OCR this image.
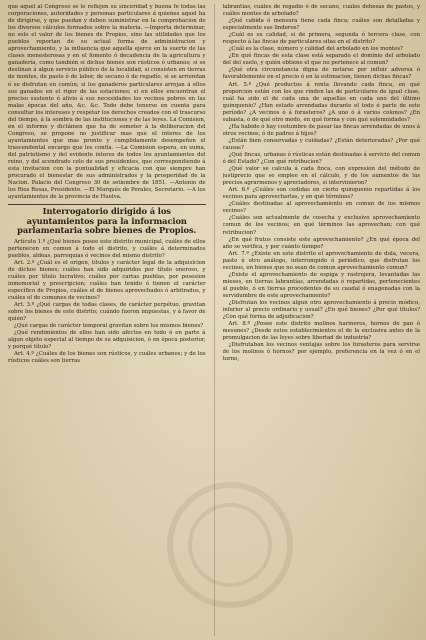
que aquel al Congreso se le reflejen su sinceridad y buena fe todas las corporaciones, autoridades y personas particulares á quienes aquel ha de dirigirse, y que puedan y deben suministrar en la comprobacion de los diversos cálculos formados sobre la materia. —Importa determinar, no solo el valor de los bienes de Propios, sino las utilidades que los pueblos reportan de su actual forma de administracion y aprovechamiento, y la influencia que aquella ejerce en la suerte de las clases menesterosas y en el fomento ó decadencia de la agricultura y ganadería, como también si dichos bienes son rústicos ó urbanos; si se destinan á algun servicio público de la localidad, si consisten en tierras de montes, de pasto ó de labor, de secano ó de regadío, si se arriendan ó se disfrutan en común; si los ganaderos particulares arrojan á ellos sus ganados en el rigor de las estaciones; si en ellos encuentran el preciso sustento ó alivio á sus necesidades los vecinos pobres en las malas épocas del año, &c. &c. Todo debe tenerse en cuenta para consultar los intereses y respetar los derechos creados con el trascurso del tiempo, á la sombra de las instituciones y de las leyes. La Comision, en el informe y dictámen que ha de someter á la deliberacion del Congreso, se propone no justificar mas que el interes de los ayuntamientos que mas pronto y cumplidamente desempeñen el trascendental encargo que les confía. —La Comision espera, en suma, del patriotismo y del evidente interes de todos los ayuntamientos del reino, y del acendrado celo de sus presidentes, que correspondiendo á esta invitacion con la puntualidad y eficacia con que siempre han procurado el bienestar de sus administrados y la prosperidad de la Nacion. Palacio del Congreso 30 de setiembre de 1851. —Antonio de los Rios Rosas, Presidente. —El Marqués de Perales, Secretario. —A los ayuntamientos de la provincia de Huelva.

Interrogatorio dirigido á los ayuntamientos para la informacion parlamentaria sobre bienes de Propios.

Artículo 1.º ¿Qué bienes posee este distrito municipal, cuáles de ellos pertenecen en comun á todo el distrito, y cuáles á determinados pueblos, aldeas, parroquias ó vecinos del mismo distrito?

Art. 2.º ¿Cuál es el origen, títulos y carácter legal de la adquisicion de dichos bienes; cuáles han sido adquiridos por título oneroso, y cuáles por título lucrativo; cuáles por cartas pueblas, por posesion inmemorial y prescripcion; cuáles han tenido ó tienen el carácter específico de Propios, cuáles el de bienes aprovechados ó arbitrados, y cuáles el de comunes de vecinos?

Art. 3.º ¿Qué cargas de todas clases, de carácter perpétuo, gravitan sobre los bienes de este distrito; cuándo fueron impuestas, y á favor de quién?

¿Qué cargas de carácter temporal gravitan sobre los mismos bienes?

¿Qué rendimientos de ellos han sido afectos en todo ó en parte á algun objeto especial al tiempo de su adquisicion, ó en época posterior, y porqué título?

Art. 4.º ¿Cuáles de los bienes son rústicos, y cuáles urbanos; y de los rústicos cuáles son tierras

labrantías, cuáles de regadío ó de secano, cuáles dehesas de pastos, y cuáles montes de arbolado?

¿Qué cabida ó mensura tiene cada finca; cuáles son detalladas y especialmente sus linderos?

¿Cuál es su calidad, si de primera, segunda ó tercera clase, con respecto á las fincas de particulares sitas en el distrito?

¿Cuál es la clase, número y calidad del arbolado en los montes?

¿En qué fincas de esta clase está separado el dominio del arbolado del del suelo, y quién obtiene el que no pertenece al comun?

¿Qué otra circunstancia digna de notarse por influir adversa ó favorablemente en el precio ó en la estimacion, tienen dichas fincas?

Art. 5.º ¿Qué productos á renta llevando cada finca, en qué proporcion están con los que rinden las de particulares de igual clase, cuál ha sido el de cada una de aquellas en cada uno del último quinquenio? ¿Han estado arrendadas durante el todo ó parte de este período? ¿A vecinos ó á forasteros? ¿A uno ó á varios colonos? ¿En subasta, ó de qué otro modo, en qué forma y con qué solemnidades?

¿Ha habido ó hay costumbre de pasar las fincas arrendadas de unos á otros vecinos, ó de padres á hijos?

¿Están bien conservadas y cuidadas? ¿Están deterioradas? ¿Por qué causas?

¿Qué fincas, urbanas ó rústicas están destinadas á servicio del comun ó del Estado? ¿Con qué retribucion?

¿Qué valor se calcula á cada finca, con expresion del método de justiprecio que se emplee en el cálculo, y de los aumentos de las precios agrarmenos y apreciadores, si intervinieron?

Art. 6.º ¿Cuáles son cedidas en cierto quinquenio repartidas á los vecinos para aprovecharlas, y en qué términos?

¿Cuáles destinadas al aprovechamiento en comun de los mismos vecinos?

¿Cuáles son actualmente de cosecha y exclusivo aprovechamiento comun de los vecinos; en qué términos las aprovechan; con qué retribucion?

¿En qué frutos consiste este aprovechamiento? ¿En qué época del año se verifica, y por cuánto tiempo?

Art. 7.º ¿Existe en este distrito el aprovechamiento de dula, vecera, pasto ú otro análogo, interrumpido ó periódico, que disfrutan los vecinos, en bienes que no sean de comun aprovechamiento comun?

¿Existe el aprovechamiento de espiga y rastrojera, levantadas las mieses, en tierras labrantías, arrendadas ó repartidas, pertenecientes al pueblo, ó en tierras procedentes de su caudal ó enagenadas con la servidumbre de este aprovechamiento?

¿Disfrutan los vecinos algun otro aprovechamiento á precio módico, inferior al precio ordinario y usual? ¿En qué bienes? ¿Por qué títulos? ¿Con qué forma de adjudicacion?

Art. 8.º ¿Posee este distrito molinos harineros, hornos de pan ó mesones? ¿Desde estos establecimientos el de la exclusiva antes de la promulgacion de las leyes sobre libertad de industria?

¿Disfrutaban los vecinos ventajas sobre los forasteros para servirse de los molinos ó hornos? por ejemplo, preferencia en la vez ó en el turno,
